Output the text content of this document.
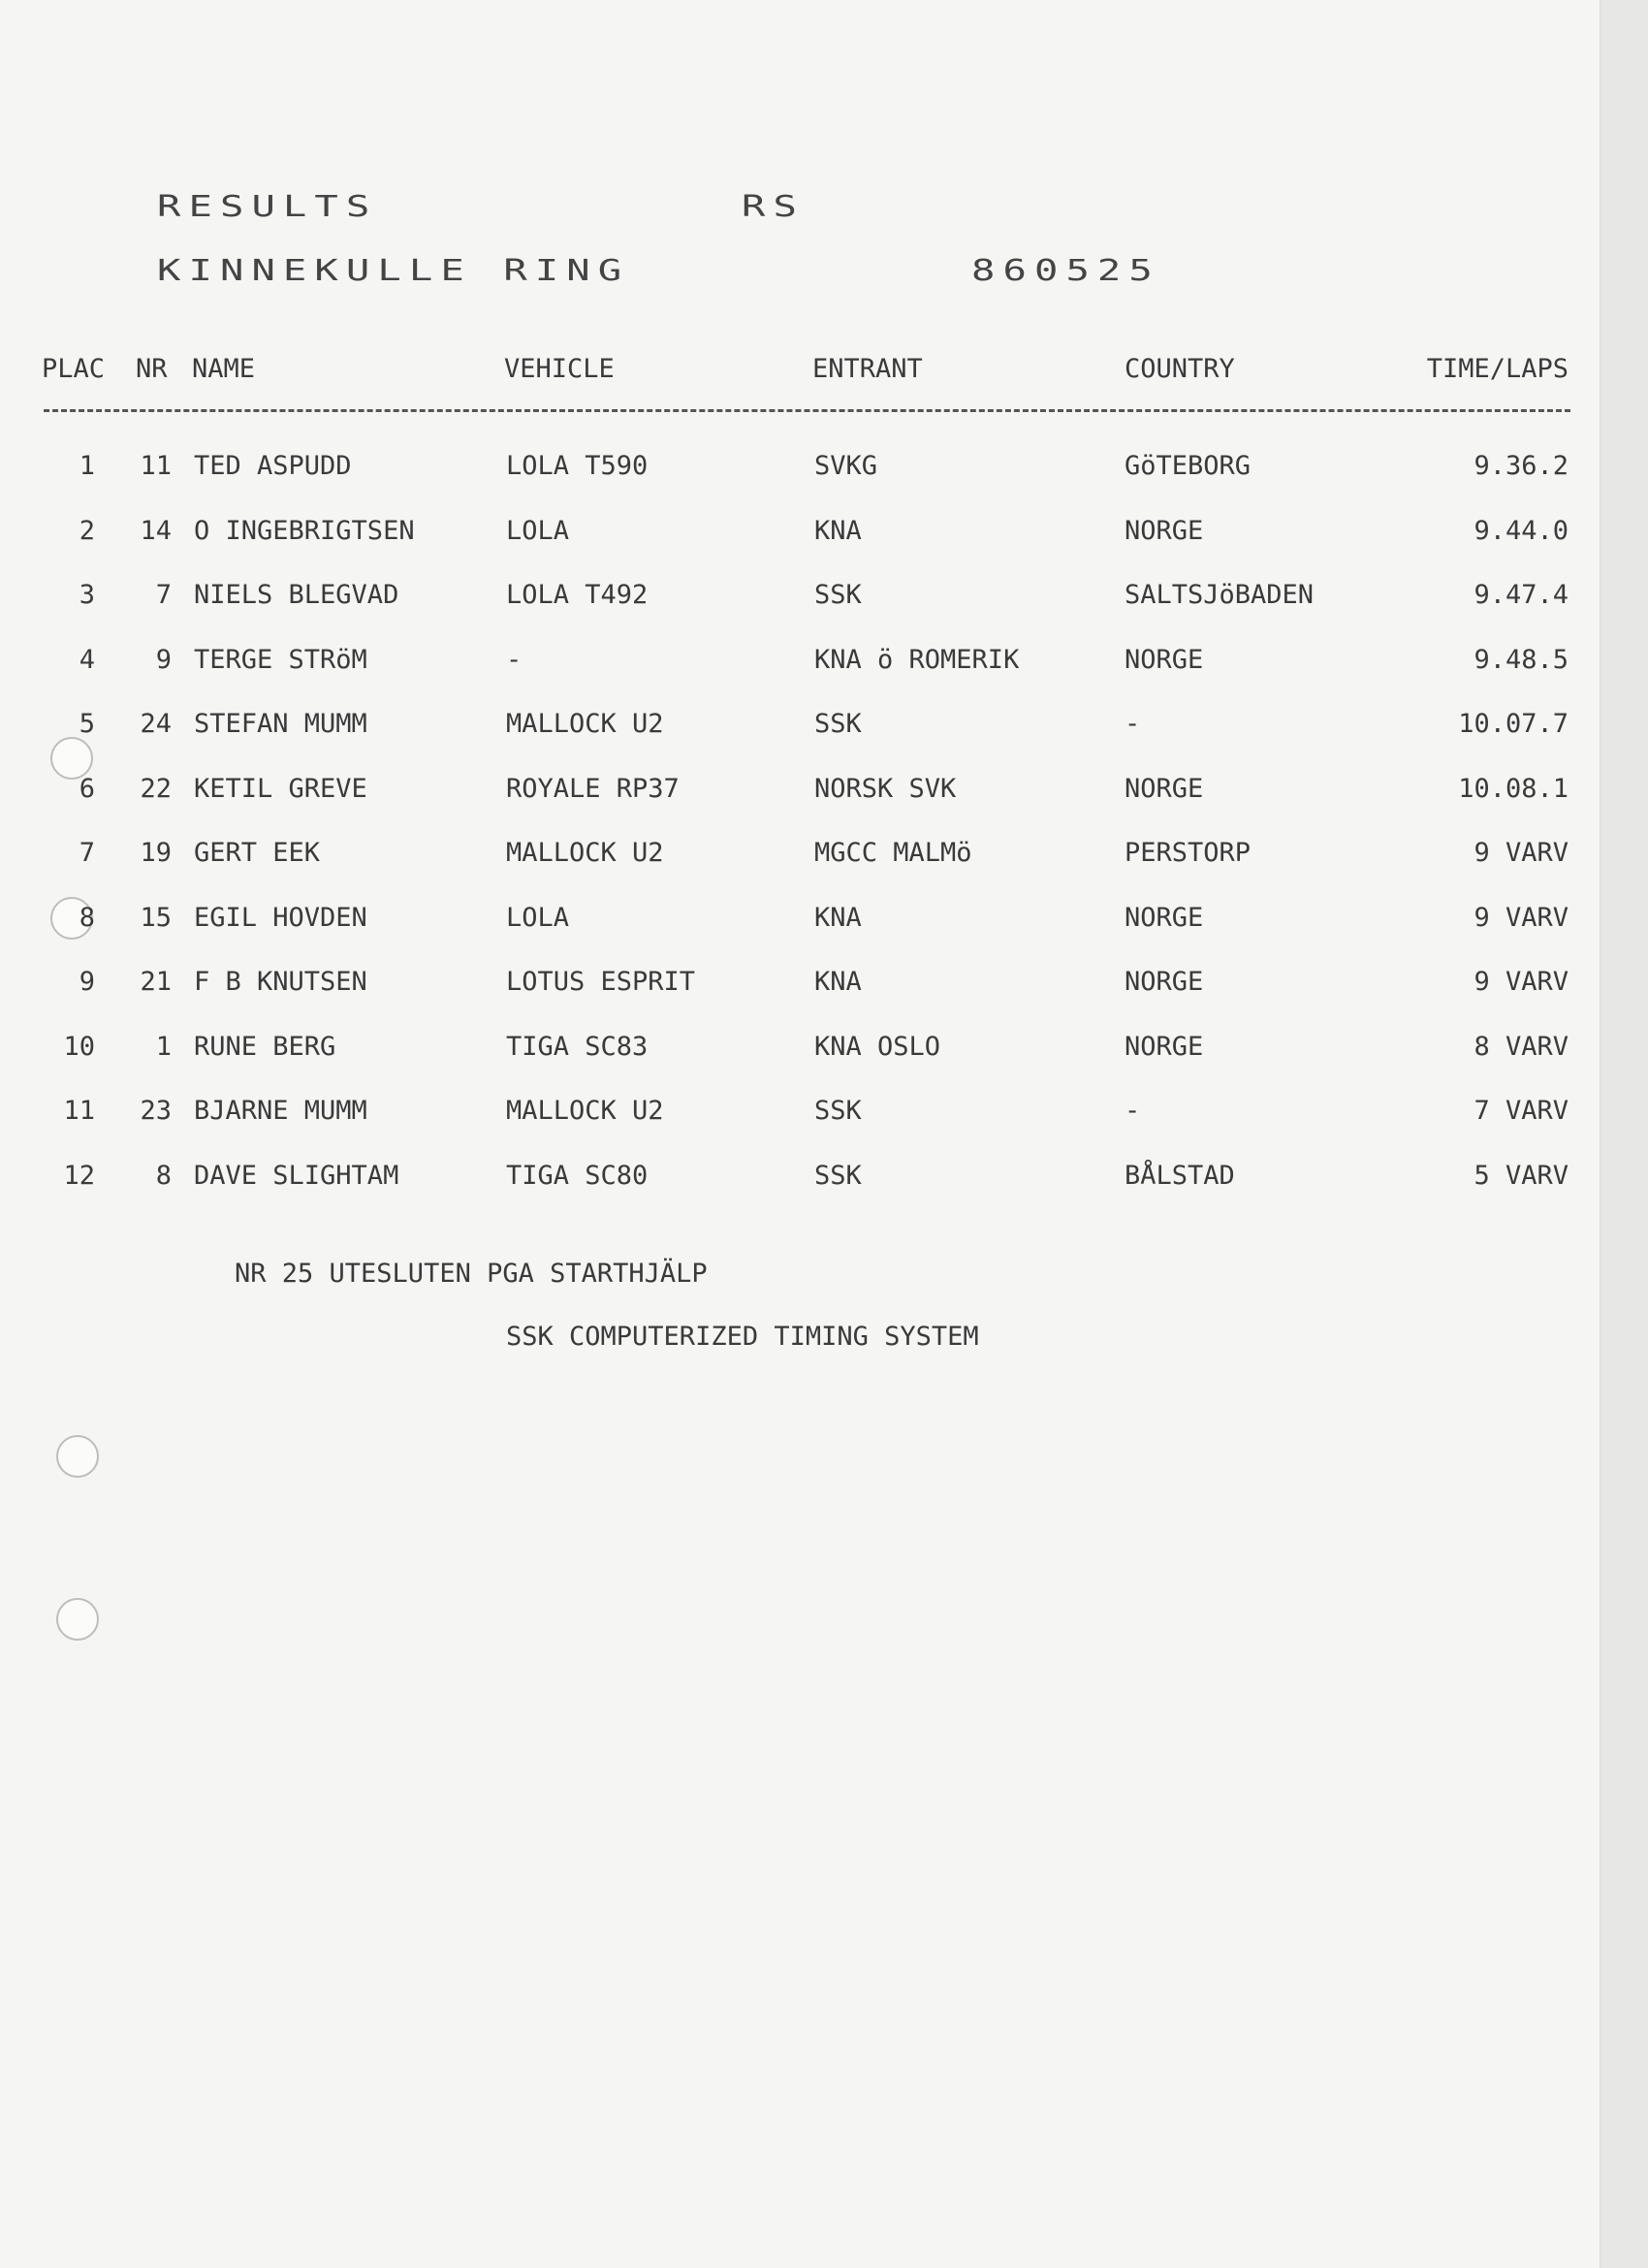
RESULTS	RS
KINNEKULLE RING	860525
PLAC NR NAME	VEHICLE	ENTRANT	COUNTRY	TIME/LAPS
1 11 TED ASPUDD	LOLA T590	SVKG	GöTEBORG	9.36.2
2 14 O INGEBRIGTSEN	LOLA	KNA	NORGE	9.44.0
3 7 NIELS BLEGVAD	LOLA T492	SSK	SALTSJöBADEN	9.47.4
4 9 TERGE STRöM	-	KNA ö ROMERIK	NORGE	9.48.5
5 24 STEFAN MUMM	MALLOCK U2	SSK	-	10.07.7
6 22 KETIL GREVE	ROYALE RP37	NORSK SVK	NORGE	10.08.1
7 19 GERT EEK	MALLOCK U2	MGCC MALMö	PERSTORP	9 VARV
8 15 EGIL HOVDEN	LOLA	KNA	NORGE	9 VARV
9 21 F B KNUTSEN	LOTUS ESPRIT	KNA	NORGE	9 VARV
10 1 RUNE BERG	TIGA SC83	KNA OSLO	NORGE	8 VARV
11 23 BJARNE MUMM	MALLOCK U2	SSK	-	7 VARV
12 8 DAVE SLIGHTAM	TIGA SC80	SSK	BÅLSTAD	5 VARV
NR 25 UTESLUTEN PGA STARTHJÄLP
SSK COMPUTERIZED TIMING SYSTEM
